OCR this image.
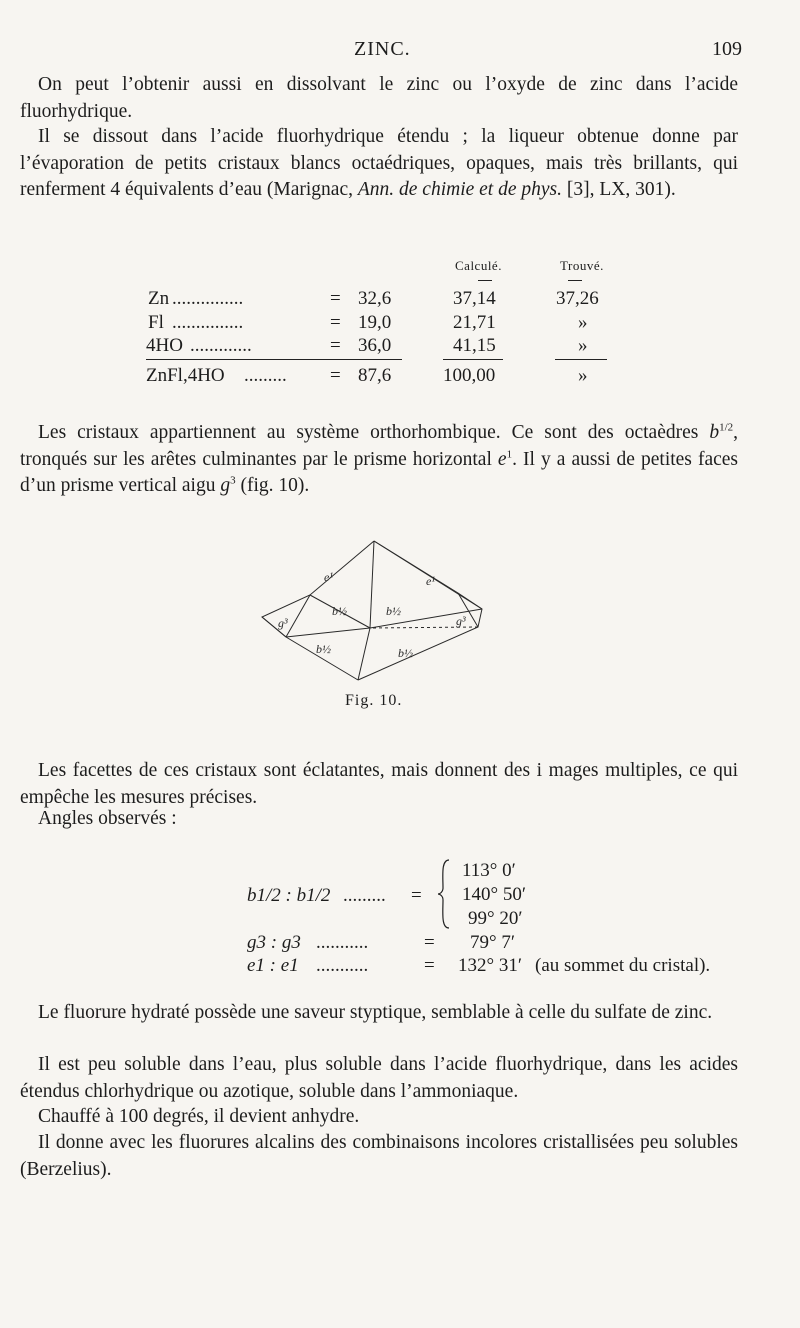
ZINC.	109

On peut l’obtenir aussi en dissolvant le zinc ou l’oxyde de zinc dans l’acide fluorhydrique.

Il se dissout dans l’acide fluorhydrique étendu ; la liqueur obtenue donne par l’évaporation de petits cristaux blancs octaédriques, opaques, mais très brillants, qui renferment 4 équivalents d’eau (Marignac, Ann. de chimie et de phys. [3], LX, 301).

Calculé.	Trouvé.
Zn ...............	= 32,6	37,14	37,26
Fl ...............	= 19,0	21,71	»
4HO .............	= 36,0	41,15	»
ZnFl,4HO ......... = 87,6	100,00	»

Les cristaux appartiennent au système orthorhombique. Ce sont des octaèdres $b^{1/2}$, tronqués sur les arêtes culminantes par le prisme horizontal $e^1$. Il y a aussi de petites faces d’un prisme vertical aigu $g^3$ (fig. 10).

e¹	e¹
b½	b½
b½	b½
g³	g³
Fig. 10.

Les facettes de ces cristaux sont éclatantes, mais donnent des i mages multiples, ce qui empêche les mesures précises.

Angles observés :

b1/2 : b1/2 ......... =
113° 0′
140° 50′
99° 20′
g3 : g3 ...........	= 79° 7′
e1 : e1 ...........	= 132° 31′ (au sommet du cristal).

Le fluorure hydraté possède une saveur styptique, semblable à celle du sulfate de zinc.

Il est peu soluble dans l’eau, plus soluble dans l’acide fluorhydrique, dans les acides étendus chlorhydrique ou azotique, soluble dans l’ammoniaque.

Chauffé à 100 degrés, il devient anhydre.

Il donne avec les fluorures alcalins des combinaisons incolores cristallisées peu solubles (Berzelius).
